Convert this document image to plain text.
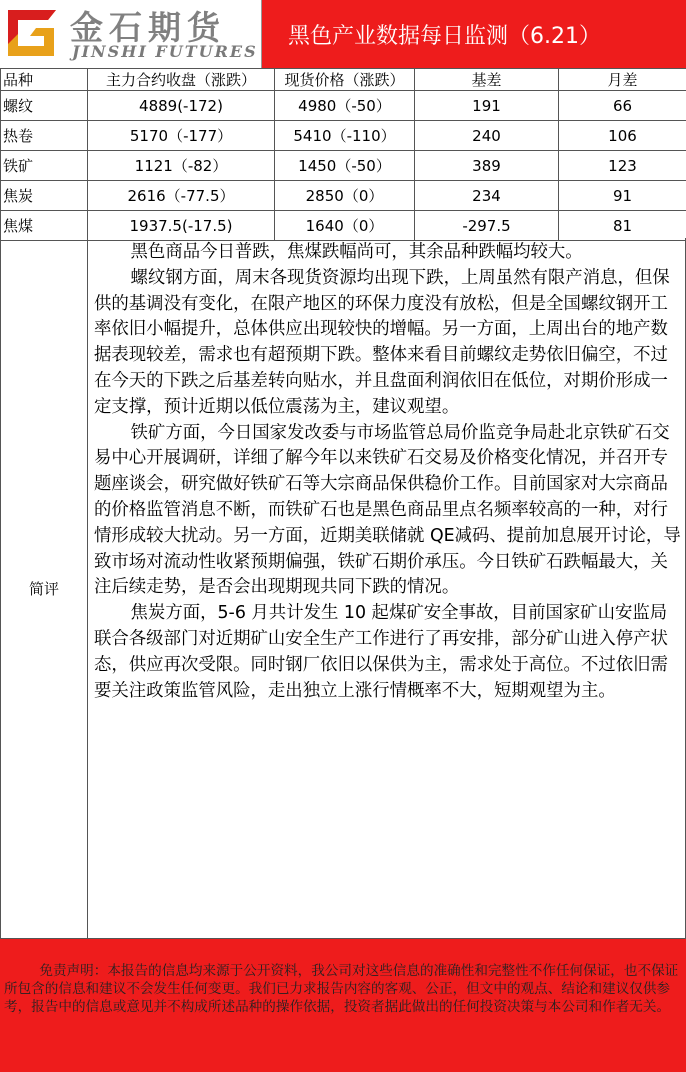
金石期货
JINSHI FUTURES
黑色产业数据每日监测（6.21）
品种	主力合约收盘（涨跌）	现货价格（涨跌）	基差	月差
螺纹	4889(-172)	4980（-50）	191	66
热卷	5170（-177）	5410（-110）	240	106
铁矿	1121（-82）	1450（-50）	389	123
焦炭	2616（-77.5）	2850（0）	234	91
焦煤	1937.5(-17.5)	1640（0）	-297.5	81
简评

黑色商品今日普跌，焦煤跌幅尚可，其余品种跌幅均较大。

螺纹钢方面，周末各现货资源均出现下跌，上周虽然有限产消息，但保供的基调没有变化，在限产地区的环保力度没有放松，但是全国螺纹钢开工率依旧小幅提升，总体供应出现较快的增幅。另一方面，上周出台的地产数据表现较差，需求也有超预期下跌。整体来看目前螺纹走势依旧偏空，不过在今天的下跌之后基差转向贴水，并且盘面利润依旧在低位，对期价形成一定支撑，预计近期以低位震荡为主，建议观望。

铁矿方面，今日国家发改委与市场监管总局价监竞争局赴北京铁矿石交易中心开展调研，详细了解今年以来铁矿石交易及价格变化情况，并召开专题座谈会，研究做好铁矿石等大宗商品保供稳价工作。目前国家对大宗商品的价格监管消息不断，而铁矿石也是黑色商品里点名频率较高的一种，对行情形成较大扰动。另一方面，近期美联储就 QE减码、提前加息展开讨论，导致市场对流动性收紧预期偏强，铁矿石期价承压。今日铁矿石跌幅最大，关注后续走势，是否会出现期现共同下跌的情况。

焦炭方面，5-6 月共计发生 10 起煤矿安全事故，目前国家矿山安监局联合各级部门对近期矿山安全生产工作进行了再安排，部分矿山进入停产状态，供应再次受限。同时钢厂依旧以保供为主，需求处于高位。不过依旧需要关注政策监管风险，走出独立上涨行情概率不大，短期观望为主。

免责声明：本报告的信息均来源于公开资料，我公司对这些信息的准确性和完整性不作任何保证，也不保证所包含的信息和建议不会发生任何变更。我们已力求报告内容的客观、公正，但文中的观点、结论和建议仅供参考，报告中的信息或意见并不构成所述品种的操作依据，投资者据此做出的任何投资决策与本公司和作者无关。
